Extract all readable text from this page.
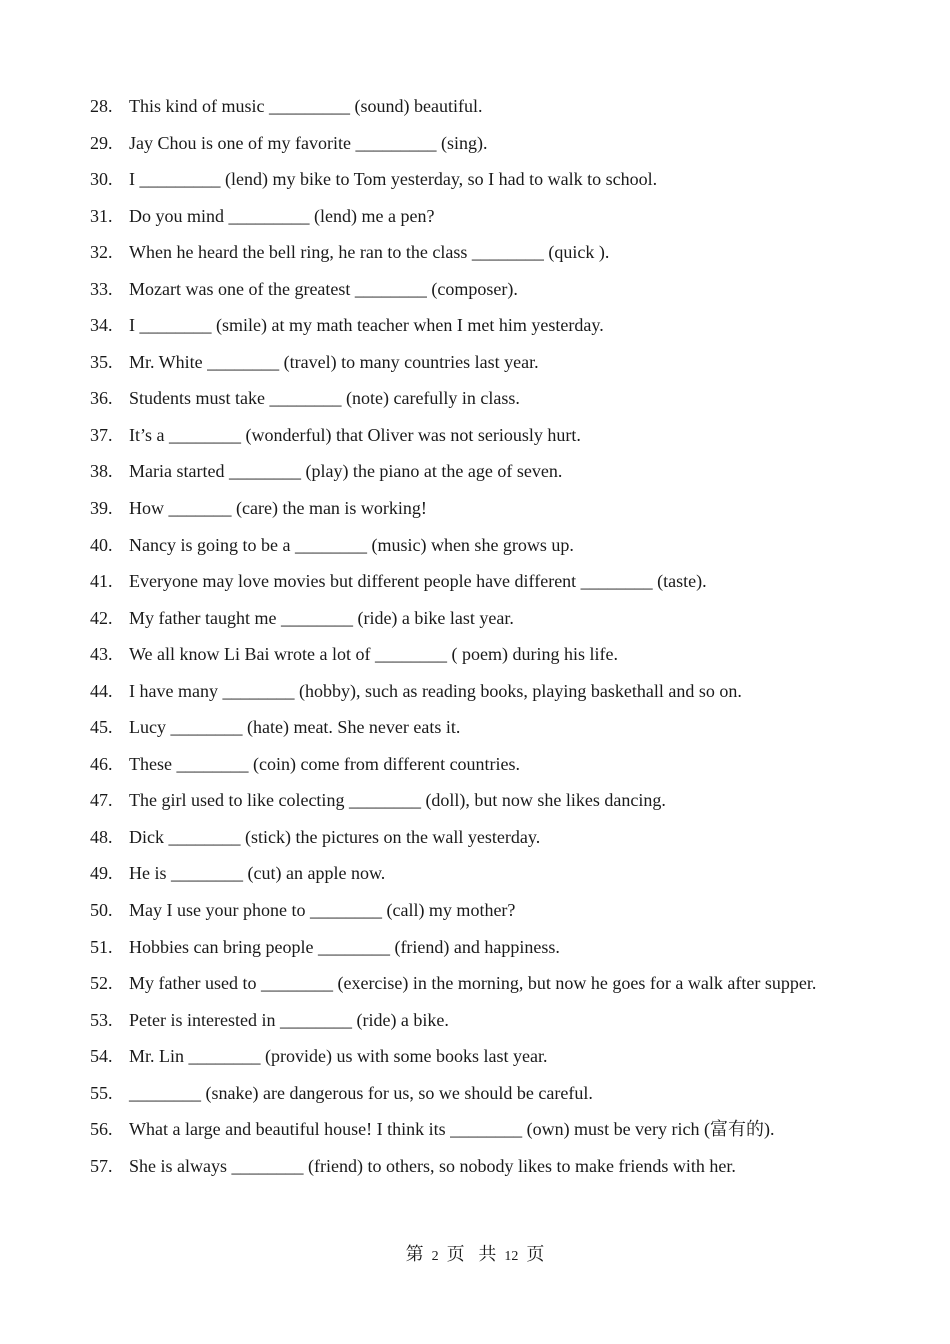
28. This kind of music _________ (sound) beautiful.
29. Jay Chou is one of my favorite _________ (sing).
30. I _________ (lend) my bike to Tom yesterday, so I had to walk to school.
31. Do you mind _________ (lend) me a pen?
32. When he heard the bell ring, he ran to the class ________ (quick ).
33. Mozart was one of the greatest ________ (composer).
34. I ________ (smile) at my math teacher when I met him yesterday.
35. Mr. White ________ (travel) to many countries last year.
36. Students must take ________ (note) carefully in class.
37. It’s a ________ (wonderful) that Oliver was not seriously hurt.
38. Maria started ________ (play) the piano at the age of seven.
39. How _______ (care) the man is working!
40. Nancy is going to be a ________ (music) when she grows up.
41. Everyone may love movies but different people have different ________ (taste).
42. My father taught me ________ (ride) a bike last year.
43. We all know Li Bai wrote a lot of ________ ( poem) during his life.
44. I have many ________ (hobby), such as reading books, playing baskethall and so on.
45. Lucy ________ (hate) meat. She never eats it.
46. These ________ (coin) come from different countries.
47. The girl used to like colecting ________ (doll), but now she likes dancing.
48. Dick ________ (stick) the pictures on the wall yesterday.
49. He is ________ (cut) an apple now.
50. May I use your phone to ________ (call) my mother?
51. Hobbies can bring people ________ (friend) and happiness.
52. My father used to ________ (exercise) in the morning, but now he goes for a walk after supper.
53. Peter is interested in ________ (ride) a bike.
54. Mr. Lin ________ (provide) us with some books last year.
55. ________ (snake) are dangerous for us, so we should be careful.
56. What a large and beautiful house! I think its ________ (own) must be very rich (富有的).
57. She is always ________ (friend) to others, so nobody likes to make friends with her.
第 2 页 共 12 页
